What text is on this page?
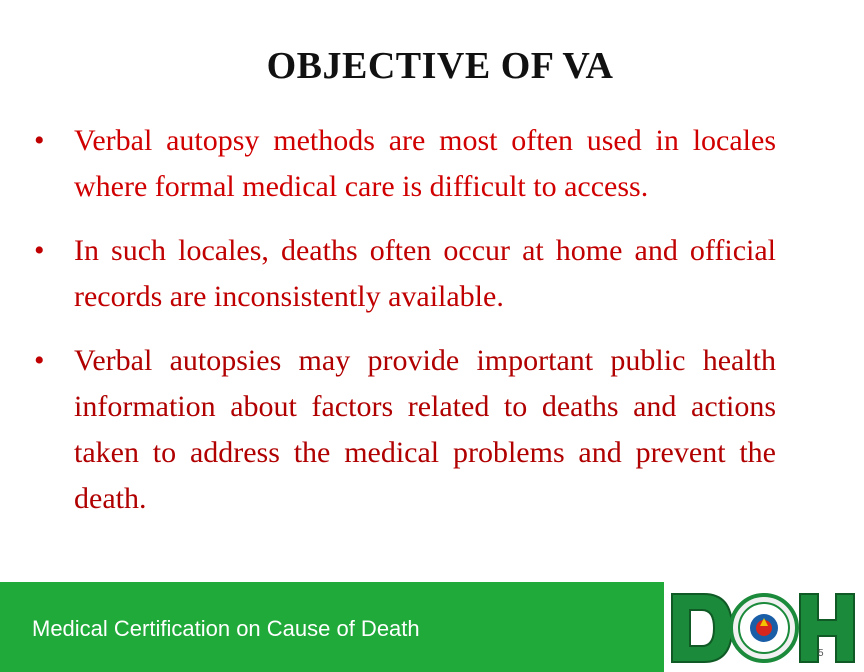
OBJECTIVE OF VA
• Verbal autopsy methods are most often used in locales where formal medical care is difficult to access.
• In such locales, deaths often occur at home and official records are inconsistently available.
• Verbal autopsies may provide important public health information about factors related to deaths and actions taken to address the medical problems and prevent the death.
Medical Certification on Cause of Death
5
